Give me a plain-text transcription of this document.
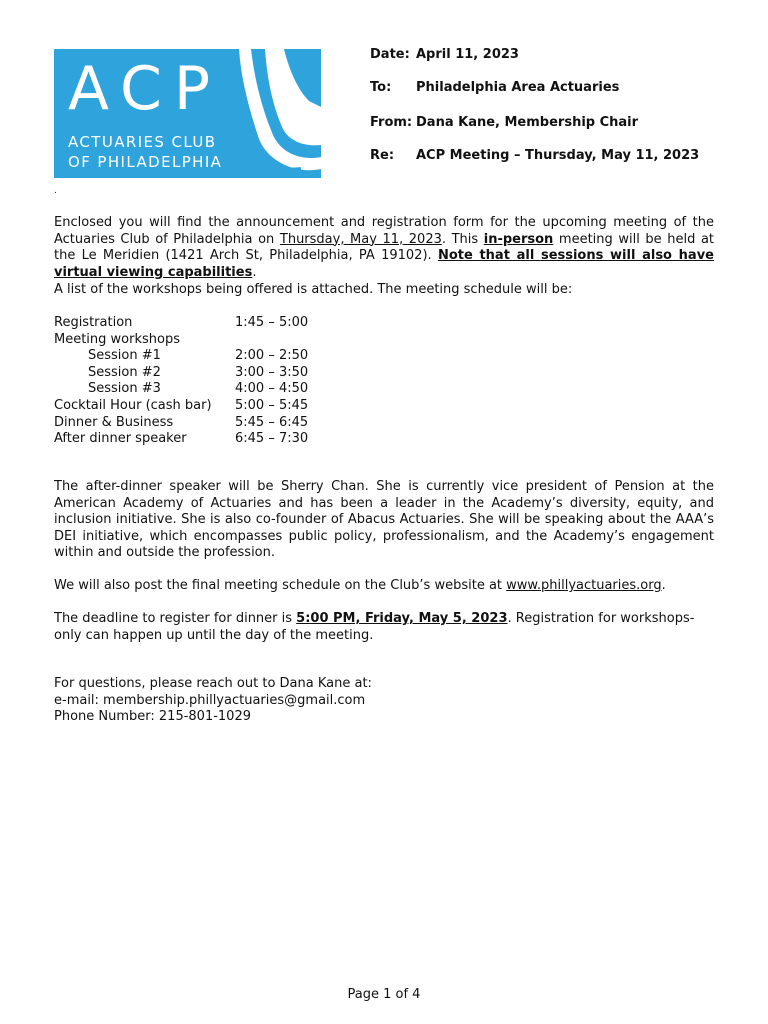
ACP
ACTUARIES CLUB
OF PHILADELPHIA
Date: April 11, 2023
To: Philadelphia Area Actuaries
From: Dana Kane, Membership Chair
Re: ACP Meeting – Thursday, May 11, 2023
.
Enclosed you will find the announcement and registration form for the upcoming meeting of the Actuaries Club of Philadelphia on Thursday, May 11, 2023. This in-person meeting will be held at the Le Meridien (1421 Arch St, Philadelphia, PA 19102). Note that all sessions will also have virtual viewing capabilities.
A list of the workshops being offered is attached. The meeting schedule will be:
Registration	1:45 – 5:00
Meeting workshops
Session #1	2:00 – 2:50
Session #2	3:00 – 3:50
Session #3	4:00 – 4:50
Cocktail Hour (cash bar) 5:00 – 5:45
Dinner & Business	5:45 – 6:45
After dinner speaker	6:45 – 7:30
The after-dinner speaker will be Sherry Chan. She is currently vice president of Pension at the American Academy of Actuaries and has been a leader in the Academy’s diversity, equity, and inclusion initiative. She is also co-founder of Abacus Actuaries. She will be speaking about the AAA’s DEI initiative, which encompasses public policy, professionalism, and the Academy’s engagement within and outside the profession.
We will also post the final meeting schedule on the Club’s website at www.phillyactuaries.org.
The deadline to register for dinner is 5:00 PM, Friday, May 5, 2023. Registration for workshops-only can happen up until the day of the meeting.
For questions, please reach out to Dana Kane at:
e-mail: membership.phillyactuaries@gmail.com
Phone Number: 215-801-1029
Page 1 of 4
